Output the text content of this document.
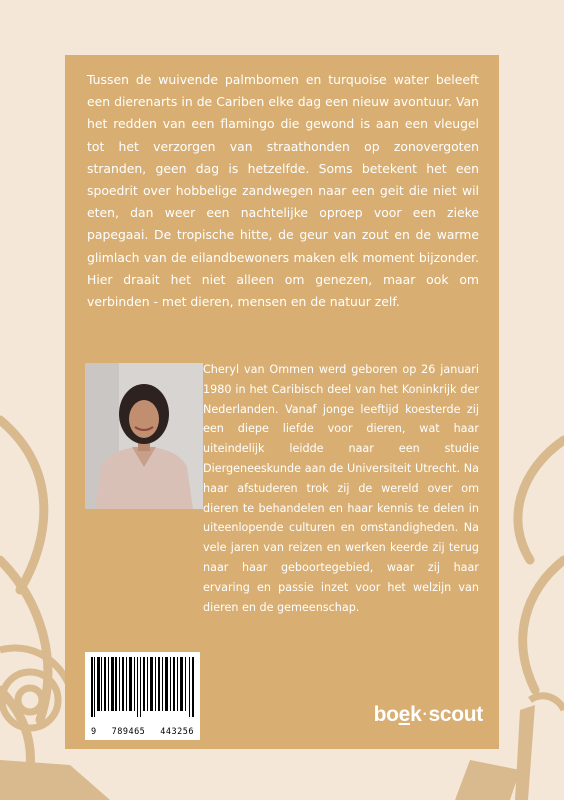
Tussen de wuivende palmbomen en turquoise water beleeft een dierenarts in de Cariben elke dag een nieuw avontuur. Van het redden van een flamingo die gewond is aan een vleugel tot het verzorgen van straathonden op zonovergoten stranden, geen dag is hetzelfde. Soms betekent het een spoedrit over hobbelige zandwegen naar een geit die niet wil eten, dan weer een nachtelijke oproep voor een zieke papegaai. De tropische hitte, de geur van zout en de warme glimlach van de eilandbewoners maken elk moment bijzonder. Hier draait het niet alleen om genezen, maar ook om verbinden - met dieren, mensen en de natuur zelf.

Cheryl van Ommen werd geboren op 26 januari 1980 in het Caribisch deel van het Koninkrijk der Nederlanden. Vanaf jonge leeftijd koesterde zij een diepe liefde voor dieren, wat haar uiteindelijk leidde naar een studie Diergeneeskunde aan de Universiteit Utrecht. Na haar afstuderen trok zij de wereld over om dieren te behandelen en haar kennis te delen in uiteenlopende culturen en omstandigheden. Na vele jaren van reizen en werken keerde zij terug naar haar geboortegebied, waar zij haar ervaring en passie inzet voor het welzijn van dieren en de gemeenschap.

9 789465 443256
boek·scout
